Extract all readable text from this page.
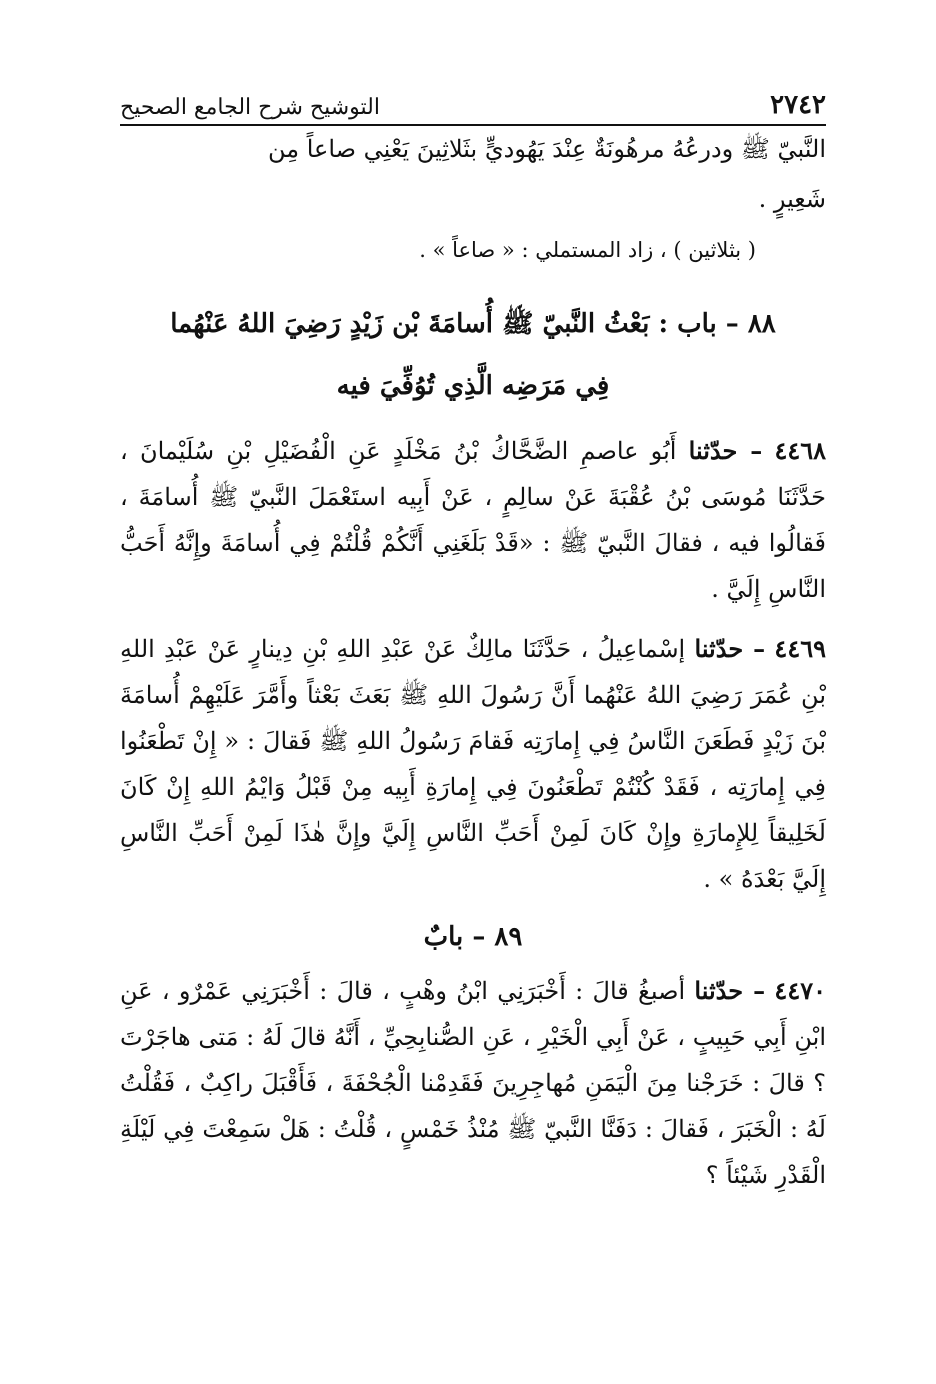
٢٧٤٢
التوشيح شرح الجامع الصحيح
النَّبيّ ﷺ ودرعُهُ مرهُونَةٌ عِنْدَ يَهُوديٍّ بثَلاثِينَ يَعْنِي صاعاً مِن
شَعِيرٍ .
( بثلاثين ) ، زاد المستملي : « صاعاً » .
٨٨ – باب : بَعْثُ النَّبيّ ﷺ أُسامَةَ بْن زَيْدٍ رَضِيَ اللهُ عَنْهُما
فِي مَرَضِه الَّذِي تُوُفِّيَ فيه
٤٤٦٨ – حدّثنا أَبُو عاصمِ الضَّحَّاكُ بْنُ مَخْلَدٍ عَنِ الْفُضَيْلِ بْنِ سُلَيْمانَ ، حَدَّثَنَا مُوسَى بْنُ عُقْبَةَ عَنْ سالِمٍ ، عَنْ أَبِيه استَعْمَلَ النَّبيّ ﷺ أُسامَةَ ، فَقالُوا فيه ، فقالَ النَّبيّ ﷺ : «قَدْ بَلَغَنِي أَنَّكُمْ قُلْتُمْ فِي أُسامَةَ وإِنَّهُ أَحَبُّ النَّاسِ إِلَيَّ .
٤٤٦٩ – حدّثنا إسْماعِيلُ ، حَدَّثَنَا مالِكٌ عَنْ عَبْدِ اللهِ بْنِ دِينارٍ عَنْ عَبْدِ اللهِ بْنِ عُمَرَ رَضِيَ اللهُ عَنْهُما أَنَّ رَسُولَ اللهِ ﷺ بَعَثَ بَعْثاً وأَمَّرَ عَلَيْهِمْ أُسامَةَ بْنَ زَيْدٍ فَطَعَنَ النَّاسُ فِي إِمارَتِه فَقامَ رَسُولُ اللهِ ﷺ فَقالَ : « إِنْ تَطْعَنُوا فِي إِمارَتِه ، فَقَدْ كُنْتُمْ تَطْعَنُونَ فِي إِمارَةِ أَبِيه مِنْ قَبْلُ وَايْمُ اللهِ إِنْ كَانَ لَخَلِيقاً لِلإِمارَةِ وإِنْ كَانَ لَمِنْ أَحَبِّ النَّاسِ إِلَيَّ وإِنَّ هٰذَا لَمِنْ أَحَبِّ النَّاسِ إِلَيَّ بَعْدَهُ » .
٨٩ – بابٌ
٤٤٧٠ – حدّثنا أصبغُ قالَ : أَخْبَرَنِي ابْنُ وهْبٍ ، قالَ : أَخْبَرَنِي عَمْرٌو ، عَنِ ابْنِ أَبِي حَبِيبٍ ، عَنْ أَبِي الْخَيْرِ ، عَنِ الصُّنابِحِيِّ ، أَنَّهُ قالَ لَهُ : مَتى هاجَرْتَ ؟ قالَ : خَرَجْنا مِنَ الْيَمَنِ مُهاجِرِينَ فَقَدِمْنا الْجُحْفَةَ ، فَأَقْبَلَ راكِبٌ ، فَقُلْتُ لَهُ : الْخَبَرَ ، فَقالَ : دَفَنَّا النَّبيّ ﷺ مُنْذُ خَمْسٍ ، قُلْتُ : هَلْ سَمِعْتَ فِي لَيْلَةِ الْقَدْرِ شَيْئاً ؟
